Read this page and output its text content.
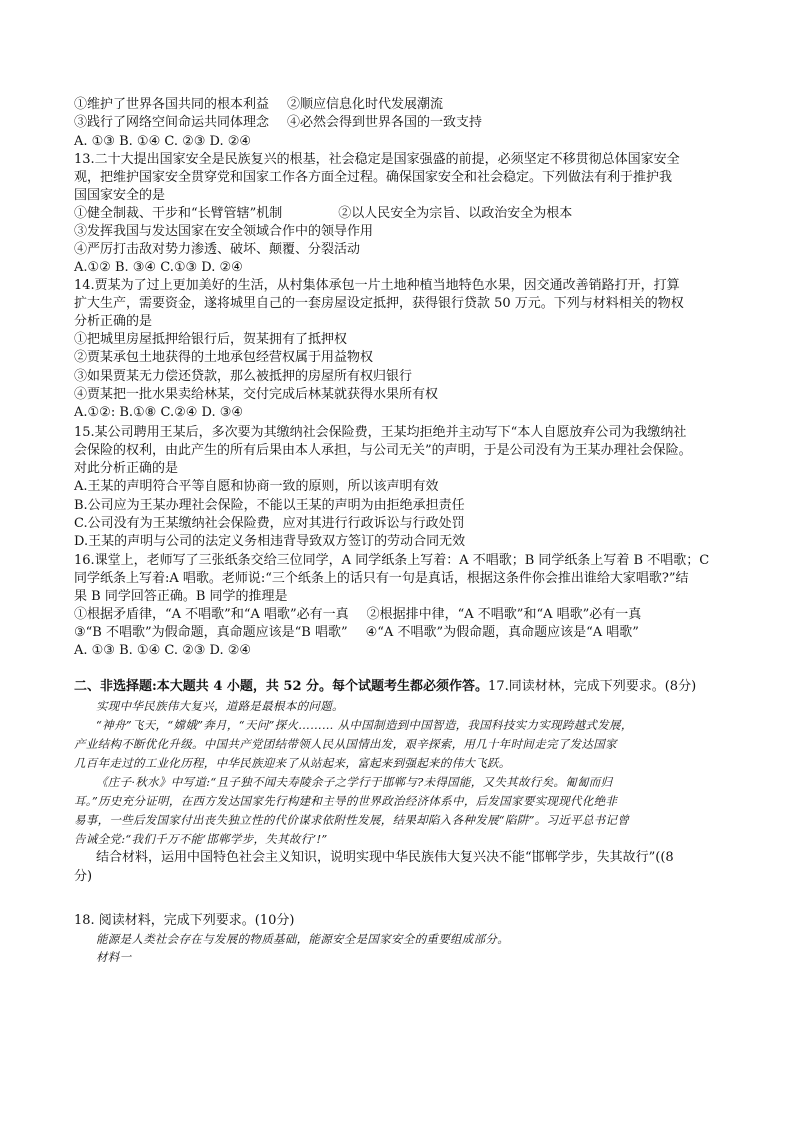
①维护了世界各国共同的根本利益 ②顺应信息化时代发展潮流
③践行了网络空间命运共同体理念 ④必然会得到世界各国的一致支持
A. ①③ B. ①④ C. ②③ D. ②④
13.二十大提出国家安全是民族复兴的根基，社会稳定是国家强盛的前提，必须坚定不移贯彻总体国家安全
观，把维护国家安全贯穿党和国家工作各方面全过程。确保国家安全和社会稳定。下列做法有利于推护我
国国家安全的是
①健全制裁、干步和“长臂管辖”机制	②以人民安全为宗旨、以政治安全为根本
③发挥我国与发达国家在安全领域合作中的领导作用
④严厉打击敌对势力渗透、破坏、颠覆、分裂活动
A.①② B. ③④ C.①③ D. ②④
14.贾某为了过上更加美好的生活，从村集体承包一片土地种植当地特色水果，因交通改善销路打开，打算
扩大生产，需要资金，遂将城里自己的一套房屋设定抵押，获得银行贷款 50 万元。下列与材料相关的物权
分析正确的是
①把城里房屋抵押给银行后，贺某拥有了抵押权
②贾某承包土地获得的土地承包经营权属于用益物权
③如果贾某无力偿还贷款，那么被抵押的房屋所有权归银行
④贾某把一批水果卖给林某，交付完成后林某就获得水果所有权
A.①②: B.①⑧ C.②④ D. ③④
15.某公司聘用王某后，多次要为其缴纳社会保险费，王某均拒绝并主动写下“本人自愿放弃公司为我缴纳社
会保险的权利，由此产生的所有后果由本人承担，与公司无关”的声明，于是公司没有为王某办理社会保险。
对此分析正确的是
A.王某的声明符合平等自愿和协商一致的原则，所以该声明有效
B.公司应为王某办理社会保险，不能以王某的声明为由拒绝承担责任
C.公司没有为王某缴纳社会保险费，应对其进行行政诉讼与行政处罚
D.王某的声明与公司的法定义务相违背导致双方签订的劳动合同无效
16.课堂上，老师写了三张纸条交给三位同学，A 同学纸条上写着：A 不唱歌；B 同学纸条上写着 B 不唱歌；C
同学纸条上写着:A 唱歌。老师说:“三个纸条上的话只有一句是真话，根据这条件你会推出谁给大家唱歌?”结
果 B 同学回答正确。B 同学的推理是
①根据矛盾律，“A 不唱歌”和“A 唱歌”必有一真 ②根据排中律，“A 不唱歌”和“A 唱歌”必有一真
③“B 不唱歌”为假命题，真命题应该是“B 唱歌” ④“A 不唱歌”为假命题，真命题应该是“A 唱歌”
A. ①③ B. ①④ C. ②③ D. ②④
二、非选择题:本大题共 4 小题，共 52 分。每个试题考生都必须作答。17.同读材林，完成下列要求。(8分)
实现中华民族伟大复兴，道路是最根本的问题。
“神舟”飞天，“嫦娥”奔月，“天问”探火……… 从中国制造到中国智造，我国科技实力实现跨越式发展，
产业结构不断优化升级。中国共产党团结带领人民从国情出发，艰辛探索，用几十年时间走完了发达国家
几百年走过的工业化历程，中华民族迎来了从站起来，富起来到强起来的伟大飞跃。
《庄子·秋水》中写道:“且子独不闻夫寿陵余子之学行于邯郸与?未得国能，又失其故行矣。匍匐而归
耳。”历史充分证明，在西方发达国家先行构建和主导的世界政治经济体系中，后发国家要实现现代化绝非
易事，一些后发国家付出丧失独立性的代价谋求依附性发展，结果却陷入各种发展“陷阱”。习近平总书记曾
告诫全党:“我们千万不能‘邯郸学步，失其故行’!”
结合材料，运用中国特色社会主义知识，说明实现中华民族伟大复兴决不能“邯郸学步，失其故行”((8
分)
18. 阅读材料，完成下列要求。(10分)
能源是人类社会存在与发展的物质基础，能源安全是国家安全的重要组成部分。
材料一
